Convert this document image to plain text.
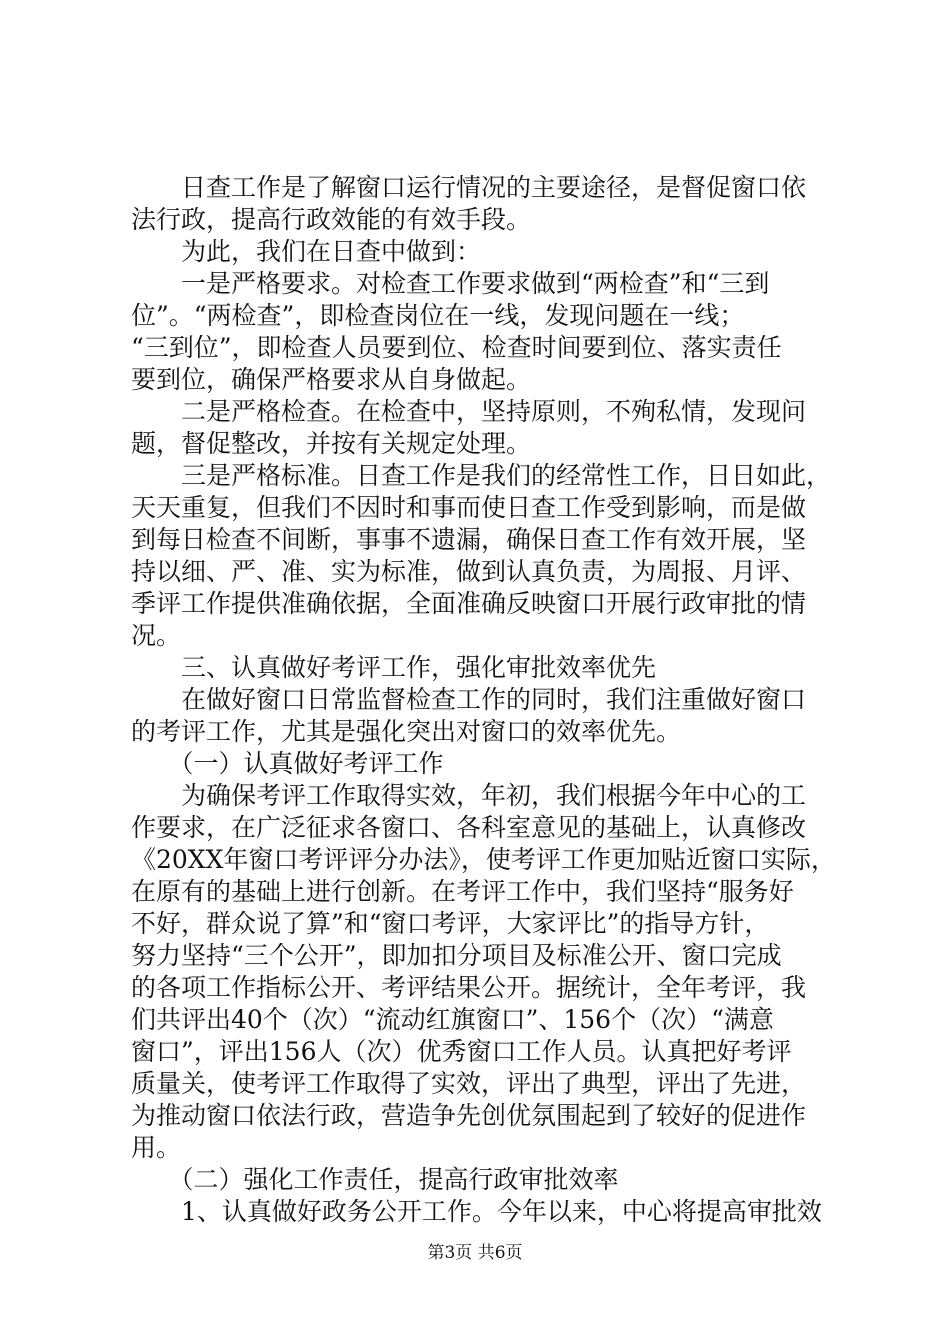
　　日查工作是了解窗口运行情况的主要途径，是督促窗口依
法行政，提高行政效能的有效手段。
　　为此，我们在日查中做到：
　　一是严格要求。对检查工作要求做到“两检查”和“三到
位”。“两检查”，即检查岗位在一线，发现问题在一线；
“三到位”，即检查人员要到位、检查时间要到位、落实责任
要到位，确保严格要求从自身做起。
　　二是严格检查。在检查中，坚持原则，不殉私情，发现问
题，督促整改，并按有关规定处理。
　　三是严格标准。日查工作是我们的经常性工作，日日如此，
天天重复，但我们不因时和事而使日查工作受到影响，而是做
到每日检查不间断，事事不遗漏，确保日查工作有效开展，坚
持以细、严、准、实为标准，做到认真负责，为周报、月评、
季评工作提供准确依据，全面准确反映窗口开展行政审批的情
况。
　　三、认真做好考评工作，强化审批效率优先
　　在做好窗口日常监督检查工作的同时，我们注重做好窗口
的考评工作，尤其是强化突出对窗口的效率优先。
　　（一）认真做好考评工作
　　为确保考评工作取得实效，年初，我们根据今年中心的工
作要求，在广泛征求各窗口、各科室意见的基础上，认真修改
《20XX年窗口考评评分办法》，使考评工作更加贴近窗口实际，
在原有的基础上进行创新。在考评工作中，我们坚持“服务好
不好，群众说了算”和“窗口考评，大家评比”的指导方针，
努力坚持“三个公开”，即加扣分项目及标准公开、窗口完成
的各项工作指标公开、考评结果公开。据统计，全年考评，我
们共评出40个（次）“流动红旗窗口”、156个（次）“满意
窗口”，评出156人（次）优秀窗口工作人员。认真把好考评
质量关，使考评工作取得了实效，评出了典型，评出了先进，
为推动窗口依法行政，营造争先创优氛围起到了较好的促进作
用。
　　（二）强化工作责任，提高行政审批效率
　　1、认真做好政务公开工作。今年以来，中心将提高审批效
第3页 共6页
